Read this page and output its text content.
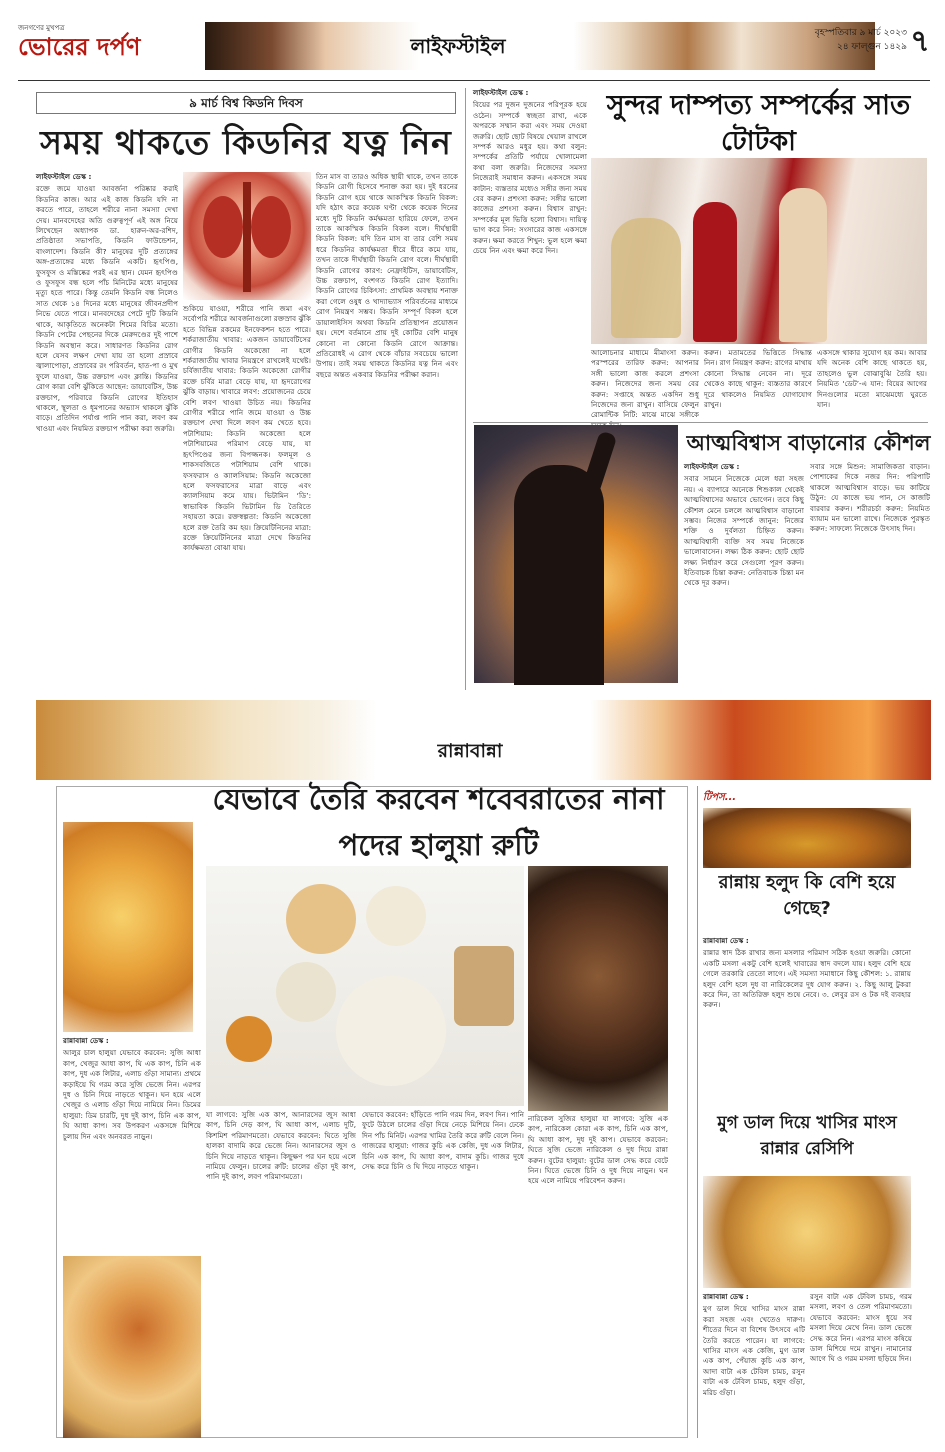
জনগণের মুখপত্র
ভোরের দর্পণ	লাইফস্টাইল
বৃহস্পতিবার ৯ মার্চ ২০২৩
২৪ ফাল্গুন ১৪২৯ ৭
৯ মার্চ বিশ্ব কিডনি দিবস
সময় থাকতে কিডনির যত্ন নিন

লাইফস্টাইল ডেস্ক :

রক্তে জমে যাওয়া আবর্জনা পরিষ্কার করাই কিডনির কাজ। আর এই কাজ কিডনি যদি না করতে পারে, তাহলে শরীরে নানা সমস্যা দেখা দেয়। মানবদেহের অতি গুরুত্বপূর্ণ এই অঙ্গ নিয়ে লিখেছেন অধ্যাপক ডা. হারুন-অর-রশিদ, প্রতিষ্ঠাতা সভাপতি, কিডনি ফাউন্ডেশন, বাংলাদেশ। কিডনি কী? মানুষের দুটি প্রত্যঙ্গের অঙ্গ-প্রত্যঙ্গের মধ্যে কিডনি একটি। হৃৎপিণ্ড, ফুসফুস ও মস্তিষ্কের পরই এর স্থান। যেমন হৃৎপিণ্ড ও ফুসফুস বন্ধ হলে পাঁচ মিনিটের মধ্যে মানুষের মৃত্যু হতে পারে। কিন্তু তেমনি কিডনি বন্ধ নিলেও সাত থেকে ১৪ দিনের মধ্যে মানুষের জীবনপ্রদীপ নিভে যেতে পারে। মানবদেহের পেটে দুটি কিডনি থাকে, আকৃতিতে অনেকটা শিমের বিচির মতো। কিডনি পেটের পেছনের দিকে মেরুদণ্ডের দুই পাশে কিডনি অবস্থান করে। সাধারণত কিডনির রোগ হলে যেসব লক্ষণ দেখা যায় তা হলো প্রস্রাবে জ্বালাপোড়া, প্রস্রাবের রং পরিবর্তন, হাত-পা ও মুখ ফুলে যাওয়া, উচ্চ রক্তচাপ এবং ক্লান্তি। কিডনির রোগ কারা বেশি ঝুঁকিতে আছেন: ডায়াবেটিস, উচ্চ রক্তচাপ, পরিবারে কিডনি রোগের ইতিহাস থাকলে, স্থূলতা ও ধূমপানের অভ্যাস থাকলে ঝুঁকি বাড়ে। প্রতিদিন পর্যাপ্ত পানি পান করা, লবণ কম খাওয়া এবং নিয়মিত রক্তচাপ পরীক্ষা করা জরুরি।

শুকিয়ে যাওয়া, শরীরে পানি জমা এবং সর্বোপরি শরীরে আবর্জনাগুলো রক্তস্রাব ঝুঁকি হতে বিভিন্ন রকমের ইনফেকশন হতে পারে। শর্করাজাতীয় খাবার: একজন ডায়াবেটিসের রোগীর কিডনি অকেজো না হলে শর্করাজাতীয় খাবার নিয়ন্ত্রণে রাখলেই যথেষ্ট। চর্বিজাতীয় খাবার: কিডনি অকেজো রোগীর রক্তে চর্বির মাত্রা বেড়ে যায়, যা হৃদরোগের ঝুঁকি বাড়ায়। খাবারে লবণ: প্রয়োজনের চেয়ে বেশি লবণ খাওয়া উচিত নয়। কিডনির রোগীর শরীরে পানি জমে যাওয়া ও উচ্চ রক্তচাপ দেখা দিলে লবণ কম খেতে হবে। পটাশিয়াম: কিডনি অকেজো হলে পটাশিয়ামের পরিমাণ বেড়ে যায়, যা হৃৎপিণ্ডের জন্য বিপজ্জনক। ফলমূল ও শাকসবজিতে পটাশিয়াম বেশি থাকে। ফসফরাস ও ক্যালসিয়াম: কিডনি অকেজো হলে ফসফরাসের মাত্রা বাড়ে এবং ক্যালসিয়াম কমে যায়। ভিটামিন ‘ডি’: স্বাভাবিক কিডনি ভিটামিন ডি তৈরিতে সহায়তা করে। রক্তস্বল্পতা: কিডনি অকেজো হলে রক্ত তৈরি কম হয়। ক্রিয়েটিনিনের মাত্রা: রক্তে ক্রিয়েটিনিনের মাত্রা দেখে কিডনির কার্যক্ষমতা বোঝা যায়।

তিন মাস বা তারও অধিক স্থায়ী থাকে, তখন তাকে কিডনি রোগী হিসেবে শনাক্ত করা হয়। দুই ধরনের কিডনি রোগ হয়ে থাকে আকস্মিক কিডনি বিকল: যদি হঠাৎ করে কয়েক ঘণ্টা থেকে কয়েক দিনের মধ্যে দুটি কিডনি কর্মক্ষমতা হারিয়ে ফেলে, তখন তাকে আকস্মিক কিডনি বিকল বলে। দীর্ঘস্থায়ী কিডনি বিকল: যদি তিন মাস বা তার বেশি সময় ধরে কিডনির কার্যক্ষমতা ধীরে ধীরে কমে যায়, তখন তাকে দীর্ঘস্থায়ী কিডনি রোগ বলে। দীর্ঘস্থায়ী কিডনি রোগের কারণ: নেফ্রাইটিস, ডায়াবেটিস, উচ্চ রক্তচাপ, বংশগত কিডনি রোগ ইত্যাদি। কিডনি রোগের চিকিৎসা: প্রাথমিক অবস্থায় শনাক্ত করা গেলে ওষুধ ও খাদ্যাভ্যাস পরিবর্তনের মাধ্যমে রোগ নিয়ন্ত্রণ সম্ভব। কিডনি সম্পূর্ণ বিকল হলে ডায়ালাইসিস অথবা কিডনি প্রতিস্থাপন প্রয়োজন হয়। দেশে বর্তমানে প্রায় দুই কোটির বেশি মানুষ কোনো না কোনো কিডনি রোগে আক্রান্ত। প্রতিরোধই এ রোগ থেকে বাঁচার সবচেয়ে ভালো উপায়। তাই সময় থাকতে কিডনির যত্ন নিন এবং বছরে অন্তত একবার কিডনির পরীক্ষা করান।

লাইফস্টাইল ডেস্ক :

বিয়ের পর দুজন দুজনের পরিপূরক হয়ে ওঠেন। সম্পর্কে স্বচ্ছতা রাখা, একে অপরকে সম্মান করা এবং সময় দেওয়া জরুরি। ছোট ছোট বিষয়ে খেয়াল রাখলে সম্পর্ক আরও মধুর হয়। কথা বলুন: সম্পর্কের প্রতিটি পর্যায়ে খোলামেলা কথা বলা জরুরি। নিজেদের সমস্যা নিজেরাই সমাধান করুন। একসঙ্গে সময় কাটান: ব্যস্ততার মধ্যেও সঙ্গীর জন্য সময় বের করুন। প্রশংসা করুন: সঙ্গীর ভালো কাজের প্রশংসা করুন। বিশ্বাস রাখুন: সম্পর্কের মূল ভিত্তি হলো বিশ্বাস। দায়িত্ব ভাগ করে নিন: সংসারের কাজ একসঙ্গে করুন। ক্ষমা করতে শিখুন: ভুল হলে ক্ষমা চেয়ে নিন এবং ক্ষমা করে দিন।

সুন্দর দাম্পত্য সম্পর্কের সাত টোটকা

আলোচনার মাধ্যমে মীমাংসা করুন। পরস্পরের তারিফ করুন: আপনার সঙ্গী ভালো কাজ করলে প্রশংসা করুন। নিজেদের জন্য সময় বের করুন: সপ্তাহে অন্তত একদিন শুধু নিজেদের জন্য রাখুন। বাসিয়ে ফেলুন রোমান্টিক নিটি: মাঝে মাঝে সঙ্গীকে

করুন। মতামতের ভিত্তিতে সিদ্ধান্ত নিন। রাগ নিয়ন্ত্রণ করুন: রাগের মাথায় কোনো সিদ্ধান্ত নেবেন না। দূরে থেকেও কাছে থাকুন: ব্যস্ততার কারণে দূরে থাকলেও নিয়মিত যোগাযোগ রাখুন।

একসঙ্গে থাকার সুযোগ হয় কম। আবার যদি অনেক বেশি কাছে থাকতে হয়, তাহলেও ভুল বোঝাবুঝি তৈরি হয়। নিয়মিত ‘ডেট’-এ যান: বিয়ের আগের দিনগুলোর মতো মাঝেমধ্যে ঘুরতে যান।

আত্মবিশ্বাস বাড়ানোর কৌশল

লাইফস্টাইল ডেস্ক :

সবার সামনে নিজেকে মেলে ধরা সহজ নয়। এ ব্যাপারে অনেকে শিশুকাল থেকেই আত্মবিশ্বাসের অভাবে ভোগেন। তবে কিছু কৌশল মেনে চললে আত্মবিশ্বাস বাড়ানো সম্ভব। নিজের সম্পর্কে জানুন: নিজের শক্তি ও দুর্বলতা চিহ্নিত করুন। আত্মবিশ্বাসী ব্যক্তি সব সময় নিজেকে ভালোবাসেন। লক্ষ্য ঠিক করুন: ছোট ছোট লক্ষ্য নির্ধারণ করে সেগুলো পূরণ করুন। ইতিবাচক চিন্তা করুন: নেতিবাচক চিন্তা মন থেকে দূর করুন।

সবার সঙ্গে মিশুন: সামাজিকতা বাড়ান। পোশাকের দিকে নজর দিন: পরিপাটি থাকলে আত্মবিশ্বাস বাড়ে। ভয় কাটিয়ে উঠুন: যে কাজে ভয় পান, সে কাজটি বারবার করুন। শরীরচর্চা করুন: নিয়মিত ব্যায়াম মন ভালো রাখে। নিজেকে পুরস্কৃত করুন: সাফল্যে নিজেকে উৎসাহ দিন।

রান্নাবান্না
যেভাবে তৈরি করবেন শবেবরাতের নানা পদের হালুয়া রুটি

রান্নাবান্না ডেস্ক :

আলুর চাল হালুয়া যেভাবে করবেন: সুজি আধা কাপ, খেজুর আধা কাপ, ঘি এক কাপ, চিনি এক কাপ, দুধ এক লিটার, এলাচ গুঁড়া সামান্য। প্রথমে কড়াইয়ে ঘি গরম করে সুজি ভেজে নিন। এরপর দুধ ও চিনি দিয়ে নাড়তে থাকুন। ঘন হয়ে এলে খেজুর ও এলাচ গুঁড়া দিয়ে নামিয়ে নিন। ডিমের হালুয়া: ডিম চারটি, দুধ দুই কাপ, চিনি এক কাপ, ঘি আধা কাপ। সব উপকরণ একসঙ্গে মিশিয়ে চুলায় দিন এবং অনবরত নাড়ুন।

যা লাগবে: সুজি এক কাপ, আনারসের জুস আধা কাপ, চিনি দেড় কাপ, ঘি আধা কাপ, এলাচ দুটি, কিশমিশ পরিমাণমতো। যেভাবে করবেন: ঘিতে সুজি হালকা বাদামি করে ভেজে নিন। আনারসের জুস ও চিনি দিয়ে নাড়তে থাকুন। কিছুক্ষণ পর ঘন হয়ে এলে নামিয়ে ফেলুন। চালের রুটি: চালের গুঁড়া দুই কাপ, পানি দুই কাপ, লবণ পরিমাণমতো।

যেভাবে করবেন: হাঁড়িতে পানি গরম দিন, লবণ দিন। পানি ফুটে উঠলে চালের গুঁড়া দিয়ে নেড়ে মিশিয়ে নিন। ঢেকে দিন পাঁচ মিনিট। এরপর খামির তৈরি করে রুটি বেলে নিন। গাজরের হালুয়া: গাজর কুচি এক কেজি, দুধ এক লিটার, চিনি এক কাপ, ঘি আধা কাপ, বাদাম কুচি। গাজর দুধে সেদ্ধ করে চিনি ও ঘি দিয়ে নাড়তে থাকুন।

নারিকেল সুজির হালুয়া যা লাগবে: সুজি এক কাপ, নারিকেল কোরা এক কাপ, চিনি এক কাপ, ঘি আধা কাপ, দুধ দুই কাপ। যেভাবে করবেন: ঘিতে সুজি ভেজে নারিকেল ও দুধ দিয়ে রান্না করুন। বুটের হালুয়া: বুটের ডাল সেদ্ধ করে বেটে নিন। ঘিতে ভেজে চিনি ও দুধ দিয়ে নাড়ুন। ঘন হয়ে এলে নামিয়ে পরিবেশন করুন।

টিপস...
রান্নায় হলুদ কি বেশি হয়ে গেছে?

রান্নাবান্না ডেস্ক :

রান্নার স্বাদ ঠিক রাখার জন্য মসলার পরিমাণ সঠিক হওয়া জরুরি। কোনো একটি মসলা একটু বেশি হলেই খাবারের স্বাদ বদলে যায়। হলুদ বেশি হয়ে গেলে তরকারি তেতো লাগে। এই সমস্যা সমাধানে কিছু কৌশল: ১. রান্নায় হলুদ বেশি হলে দুধ বা নারিকেলের দুধ যোগ করুন। ২. কিছু আলু টুকরা করে দিন, তা অতিরিক্ত হলুদ শুষে নেবে। ৩. লেবুর রস ও টক দই ব্যবহার করুন।

মুগ ডাল দিয়ে খাসির মাংস রান্নার রেসিপি

রান্নাবান্না ডেস্ক :

মুগ ডাল দিয়ে খাসির মাংস রান্না করা সহজ এবং খেতেও দারুণ। শীতের দিনে বা বিশেষ উৎসবে এটি তৈরি করতে পারেন। যা লাগবে: খাসির মাংস এক কেজি, মুগ ডাল এক কাপ, পেঁয়াজ কুচি এক কাপ, আদা বাটা এক টেবিল চামচ, রসুন বাটা এক টেবিল চামচ, হলুদ গুঁড়া, মরিচ গুঁড়া।

রসুন বাটা এক টেবিল চামচ, গরম মসলা, লবণ ও তেল পরিমাণমতো। যেভাবে করবেন: মাংস ধুয়ে সব মসলা দিয়ে মেখে নিন। ডাল ভেজে সেদ্ধ করে নিন। এরপর মাংস কষিয়ে ডাল মিশিয়ে দমে রাখুন। নামানোর আগে ঘি ও গরম মসলা ছড়িয়ে দিন।
